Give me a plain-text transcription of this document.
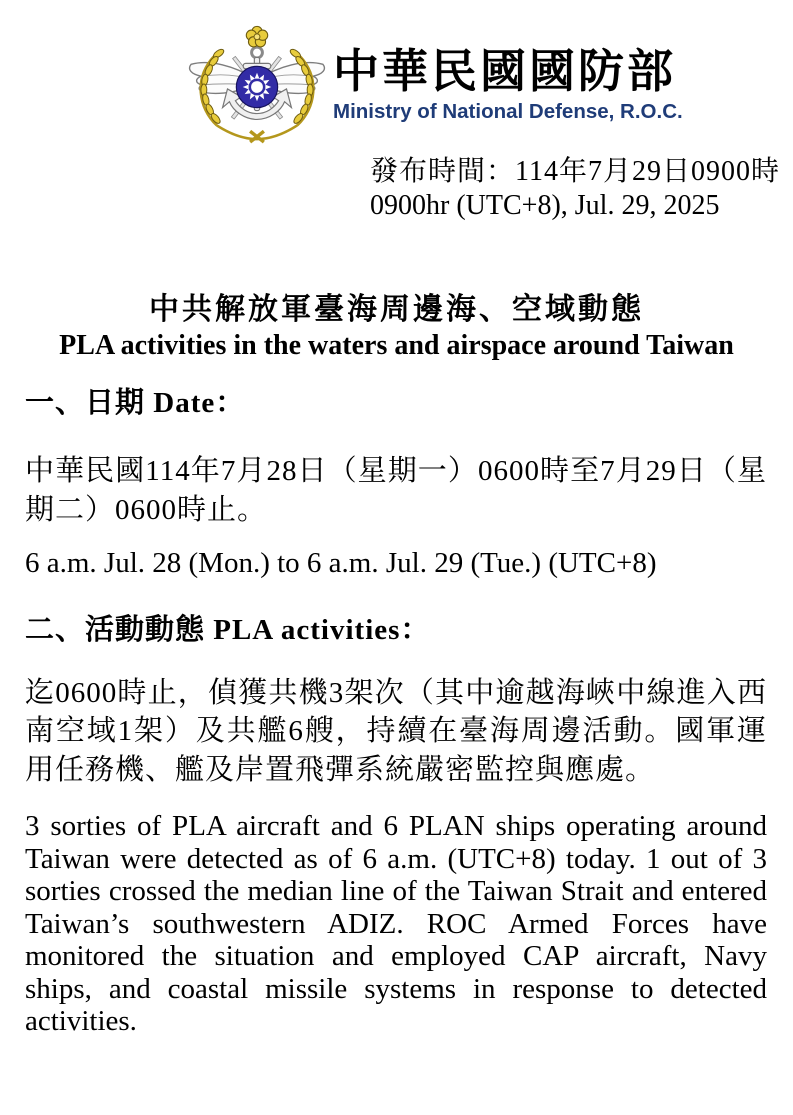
中華民國國防部
Ministry of National Defense, R.O.C.
發布時間：114年7月29日0900時
0900hr (UTC+8), Jul. 29, 2025
中共解放軍臺海周邊海、空域動態
PLA activities in the waters and airspace around Taiwan
一、日期 Date：
中華民國114年7月28日（星期一）0600時至7月29日（星期二）0600時止。
6 a.m. Jul. 28 (Mon.) to 6 a.m. Jul. 29 (Tue.) (UTC+8)
二、活動動態 PLA activities：
迄0600時止，偵獲共機3架次（其中逾越海峽中線進入西南空域1架）及共艦6艘，持續在臺海周邊活動。國軍運用任務機、艦及岸置飛彈系統嚴密監控與應處。
3 sorties of PLA aircraft and 6 PLAN ships operating around Taiwan were detected as of 6 a.m. (UTC+8) today. 1 out of 3 sorties crossed the median line of the Taiwan Strait and entered Taiwan’s southwestern ADIZ. ROC Armed Forces have monitored the situation and employed CAP aircraft, Navy ships, and coastal missile systems in response to detected activities.
